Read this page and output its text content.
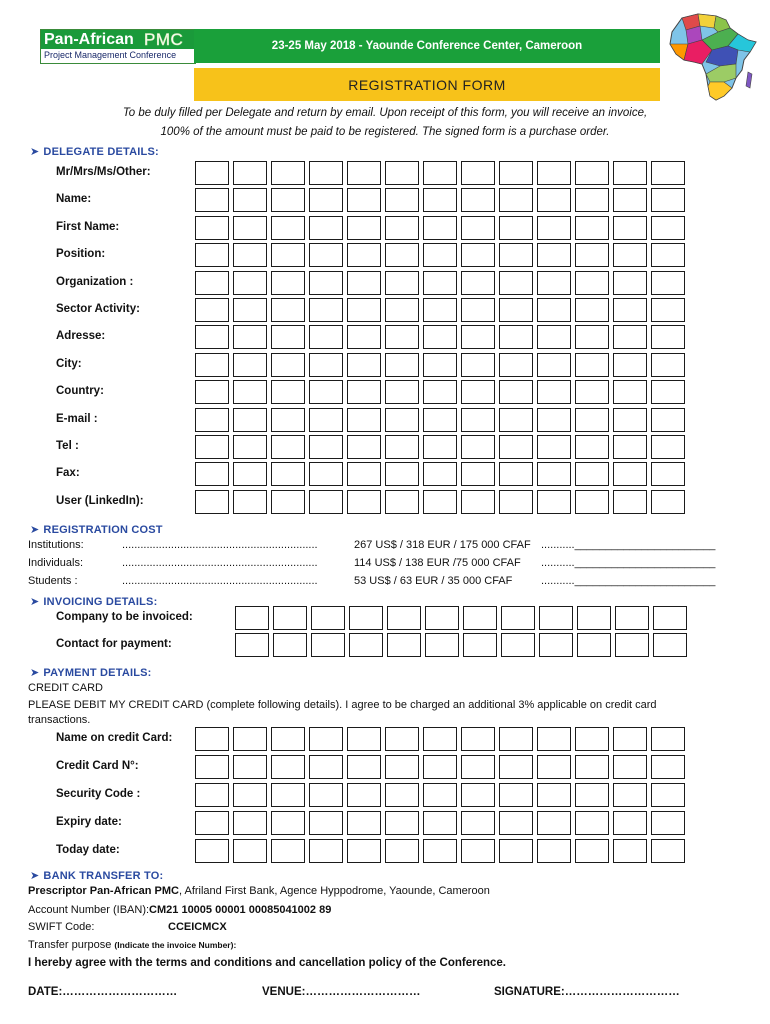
Pan-African PMC
Project Management Conference
23-25 May 2018 - Yaounde Conference Center, Cameroon
REGISTRATION FORM
To be duly filled per Delegate and return by email. Upon receipt of this form, you will receive an invoice,
100% of the amount must be paid to be registered. The signed form is a purchase order.
➤ DELEGATE DETAILS:
Mr/Mrs/Ms/Other:
Name:
First Name:
Position:
Organization :
Sector Activity:
Adresse:
City:
Country:
E-mail :
Tel :
Fax:
User (LinkedIn):
➤ REGISTRATION COST
Institutions:	................................................................	267 US$ / 318 EUR / 175 000 CFAF ..........._______________________
Individuals:	................................................................	114 US$ / 138 EUR /75 000 CFAF ..........._______________________
Students :	................................................................	53 US$ / 63 EUR / 35 000 CFAF	..........._______________________
➤ INVOICING DETAILS:
Company to be invoiced:
Contact for payment:
➤ PAYMENT DETAILS:
CREDIT CARD
PLEASE DEBIT MY CREDIT CARD (complete following details). I agree to be charged an additional 3% applicable on credit card
transactions.
Name on credit Card:
Credit Card N°:
Security Code :
Expiry date:
Today date:
➤ BANK TRANSFER TO:
Prescriptor Pan-African PMC, Afriland First Bank, Agence Hyppodrome, Yaounde, Cameroon
Account Number (IBAN):CM21 10005 00001 00085041002 89
SWIFT Code:	CCEICMCX
Transfer purpose (Indicate the invoice Number):
I hereby agree with the terms and conditions and cancellation policy of the Conference.
DATE:…………………………	VENUE:…………………………	SIGNATURE:…………………………
